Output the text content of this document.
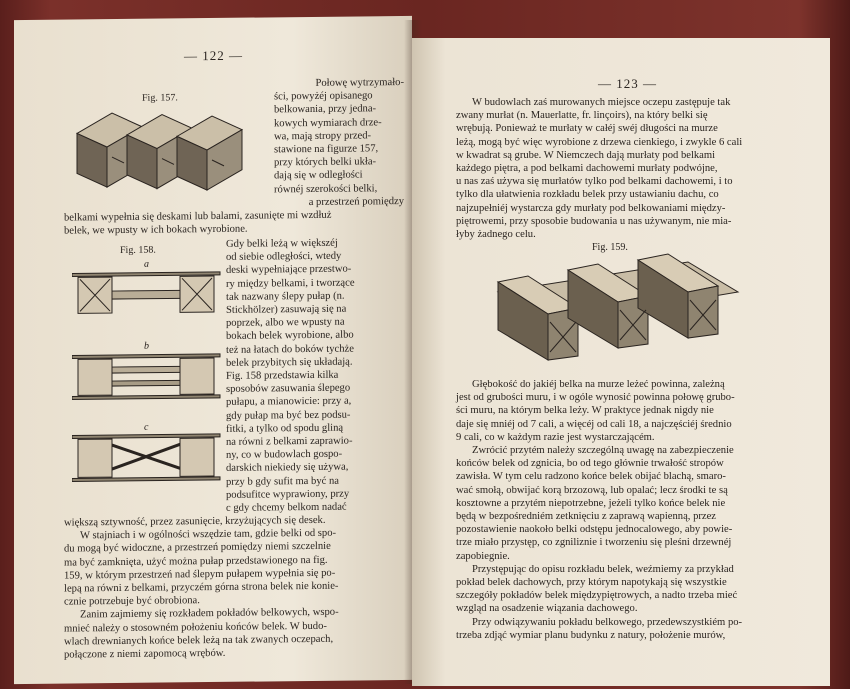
— 122 —
Fig. 157.

Połowę wytrzymało-

ści, powyżéj opisanego

belkowania, przy jedna-

kowych wymiarach drze-

wa, mają stropy przed-

stawione na figurze 157,

przy których belki ukła-

dają się w odległości

równéj szerokości belki,

a przestrzeń pomiędzy

belkami wypełnia się deskami lub balami, zasunięte mi wzdłuż

belek, we wpusty w ich bokach wyrobione.

Fig. 158.
a
b
c

Gdy belki leżą w większéj

od siebie odległości, wtedy

deski wypełniające przestwo-

ry między belkami, i tworzące

tak nazwany ślepy pułap (n.

Stickhölzer) zasuwają się na

poprzek, albo we wpusty na

bokach belek wyrobione, albo

też na łatach do boków tychże

belek przybitych się układają.

Fig. 158 przedstawia kilka

sposobów zasuwania ślepego

pułapu, a mianowicie: przy a,

gdy pułap ma być bez podsu-

fitki, a tylko od spodu gliną

na równi z belkami zaprawio-

ny, co w budowlach gospo-

darskich niekiedy się używa,

przy b gdy sufit ma być na

podsufitce wyprawiony, przy

c gdy chcemy belkom nadać

większą sztywność, przez zasunięcie, krzyżujących się desek.

W stajniach i w ogólności wszędzie tam, gdzie belki od spo-

du mogą być widoczne, a przestrzeń pomiędzy niemi szczelnie

ma być zamknięta, użyć można pułap przedstawionego na fig.

159, w którym przestrzeń nad ślepym pułapem wypełnia się po-

lepą na równi z belkami, przyczém górna strona belek nie konie-

cznie potrzebuje być obrobiona.

Zanim zajmiemy się rozkładem pokładów belkowych, wspo-

mnieć należy o stosowném położeniu końców belek. W budo-

wlach drewnianych końce belek leżą na tak zwanych oczepach,

połączone z niemi zapomocą wrębów.

— 123 —

W budowlach zaś murowanych miejsce oczepu zastępuje tak

zwany murłat (n. Mauerlatte, fr. linçoirs), na który belki się

wrębują. Ponieważ te murłaty w całéj swéj długości na murze

leżą, mogą być więc wyrobione z drzewa cienkiego, i zwykle 6 cali

w kwadrat są grube. W Niemczech dają murłaty pod belkami

każdego piętra, a pod belkami dachowemi murłaty podwójne,

u nas zaś używa się murłatów tylko pod belkami dachowemi, i to

tylko dla ułatwienia rozkładu belek przy ustawianiu dachu, co

najzupełniéj wystarcza gdy murłaty pod belkowaniami między-

piętrowemi, przy sposobie budowania u nas używanym, nie mia-

łyby żadnego celu.

Fig. 159.

Głębokość do jakiéj belka na murze leżeć powinna, zależną

jest od grubości muru, i w ogóle wynosić powinna połowę grubo-

ści muru, na którym belka leży. W praktyce jednak nigdy nie

daje się mniéj od 7 cali, a więcéj od cali 18, a najczęściéj średnio

9 cali, co w każdym razie jest wystarczającém.

Zwrócić przytém należy szczególną uwagę na zabezpieczenie

końców belek od zgnicia, bo od tego głównie trwałość stropów

zawisła. W tym celu radzono końce belek obijać blachą, smaro-

wać smołą, obwijać korą brzozową, lub opalać; lecz środki te są

kosztowne a przytém niepotrzebne, jeżeli tylko końce belek nie

będą w bezpośredniém zetknięciu z zaprawą wapienną, przez

pozostawienie naokoło belki odstępu jednocalowego, aby powie-

trze miało przystęp, co zgniliznie i tworzeniu się pleśni drzewnéj

zapobiegnie.

Przystępując do opisu rozkładu belek, weźmiemy za przykład

pokład belek dachowych, przy którym napotykają się wszystkie

szczegóły pokładów belek międzypiętrowych, a nadto trzeba mieć

wzgląd na osadzenie wiązania dachowego.

Przy odwiązywaniu pokładu belkowego, przedewszystkiém po-

trzeba zdjąć wymiar planu budynku z natury, położenie murów,
